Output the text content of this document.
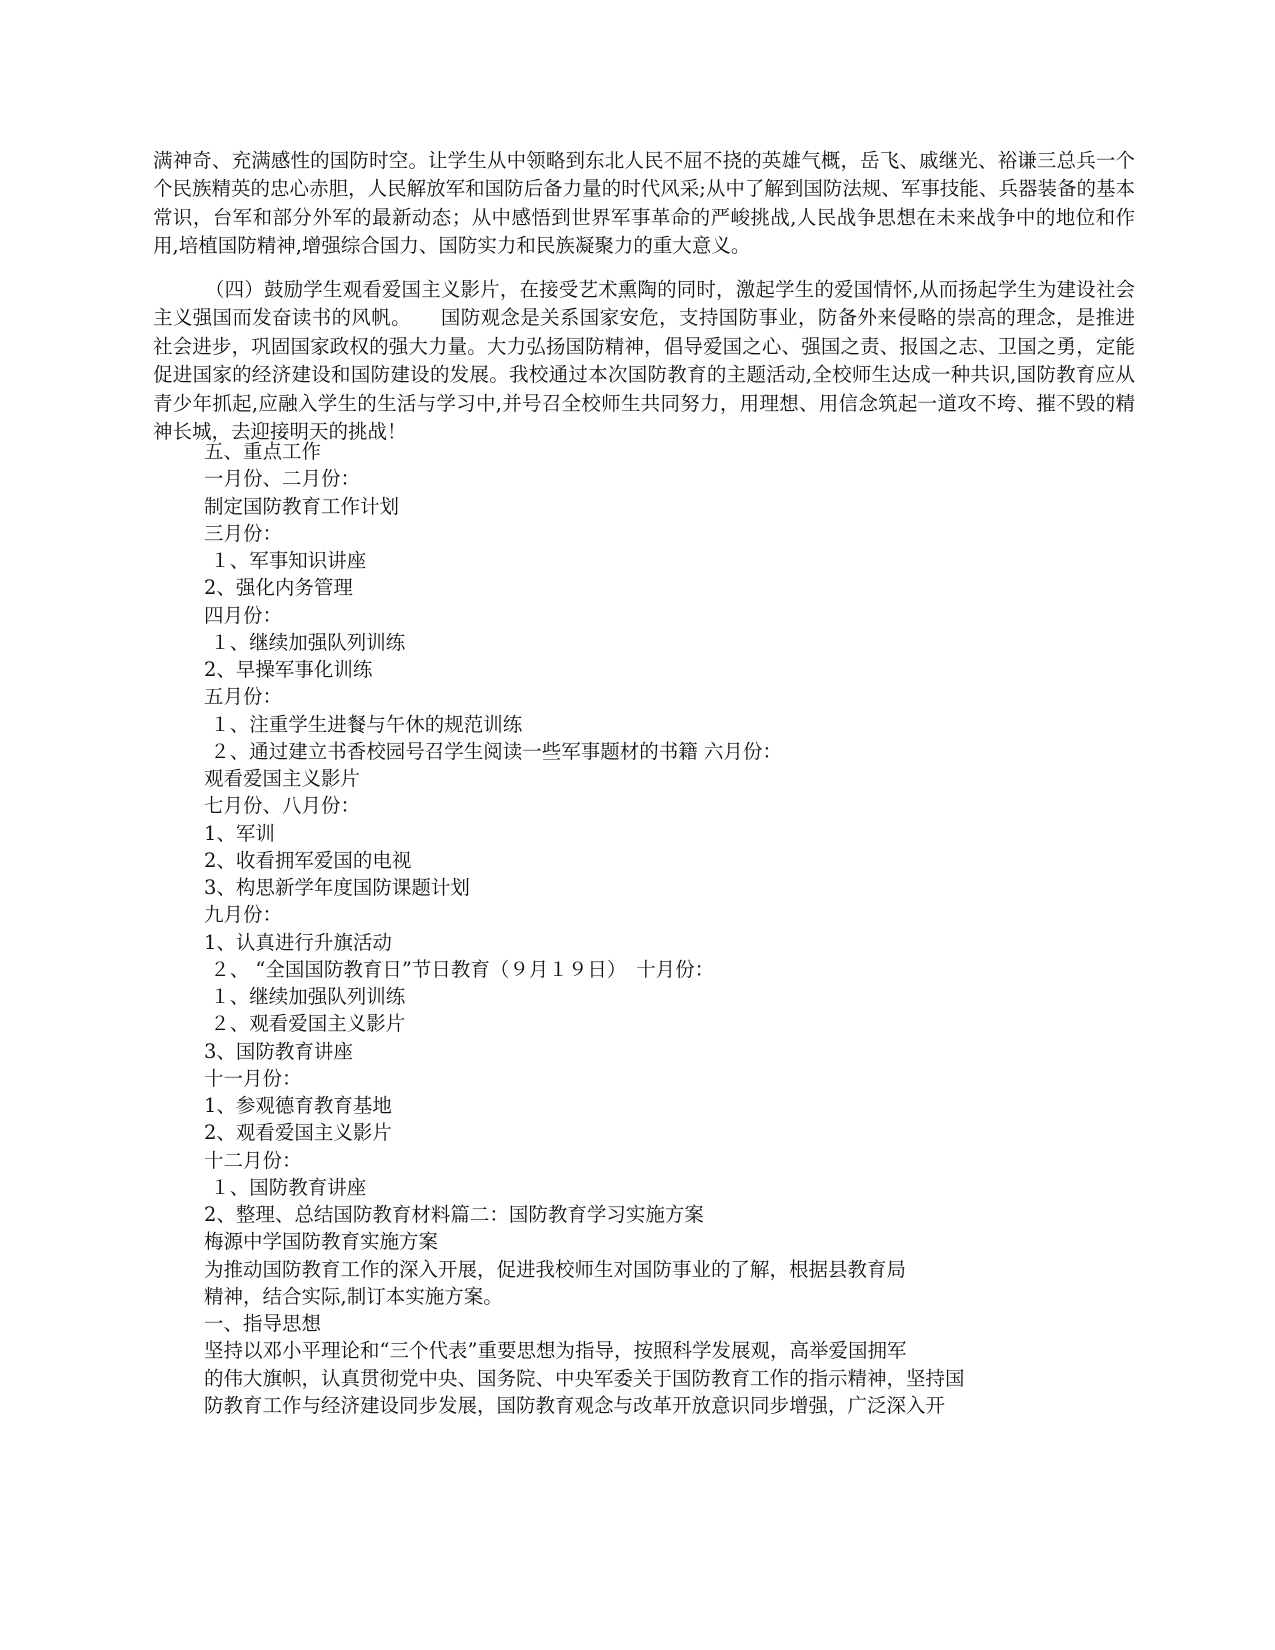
满神奇、充满感性的国防时空。让学生从中领略到东北人民不屈不挠的英雄气概，岳飞、戚继光、裕谦三总兵一个个民族精英的忠心赤胆，人民解放军和国防后备力量的时代风采;从中了解到国防法规、军事技能、兵器装备的基本常识，台军和部分外军的最新动态；从中感悟到世界军事革命的严峻挑战,人民战争思想在未来战争中的地位和作用,培植国防精神,增强综合国力、国防实力和民族凝聚力的重大意义。

（四）鼓励学生观看爱国主义影片，在接受艺术熏陶的同时，激起学生的爱国情怀,从而扬起学生为建设社会主义强国而发奋读书的风帆。　　国防观念是关系国家安危，支持国防事业，防备外来侵略的崇高的理念，是推进社会进步，巩固国家政权的强大力量。大力弘扬国防精神，倡导爱国之心、强国之责、报国之志、卫国之勇，定能促进国家的经济建设和国防建设的发展。我校通过本次国防教育的主题活动,全校师生达成一种共识,国防教育应从青少年抓起,应融入学生的生活与学习中,并号召全校师生共同努力，用理想、用信念筑起一道攻不垮、摧不毁的精神长城，去迎接明天的挑战！

五、重点工作

一月份、二月份：

制定国防教育工作计划

三月份：

１、军事知识讲座

2、强化内务管理

四月份：

１、继续加强队列训练

2、早操军事化训练

五月份：

１、注重学生进餐与午休的规范训练

２、通过建立书香校园号召学生阅读一些军事题材的书籍 六月份：

观看爱国主义影片

七月份、八月份：

1、军训

2、收看拥军爱国的电视

3、构思新学年度国防课题计划

九月份：

1、认真进行升旗活动

２、 “全国国防教育日”节日教育（９月１９日）　十月份：

１、继续加强队列训练

２、观看爱国主义影片

3、国防教育讲座

十一月份：

1、参观德育教育基地

2、观看爱国主义影片

十二月份：

１、国防教育讲座

2、整理、总结国防教育材料篇二：国防教育学习实施方案

梅源中学国防教育实施方案

为推动国防教育工作的深入开展，促进我校师生对国防事业的了解，根据县教育局

精神，结合实际,制订本实施方案。

一、指导思想

坚持以邓小平理论和“三个代表”重要思想为指导，按照科学发展观，高举爱国拥军

的伟大旗帜，认真贯彻党中央、国务院、中央军委关于国防教育工作的指示精神，坚持国

防教育工作与经济建设同步发展，国防教育观念与改革开放意识同步增强，广泛深入开
